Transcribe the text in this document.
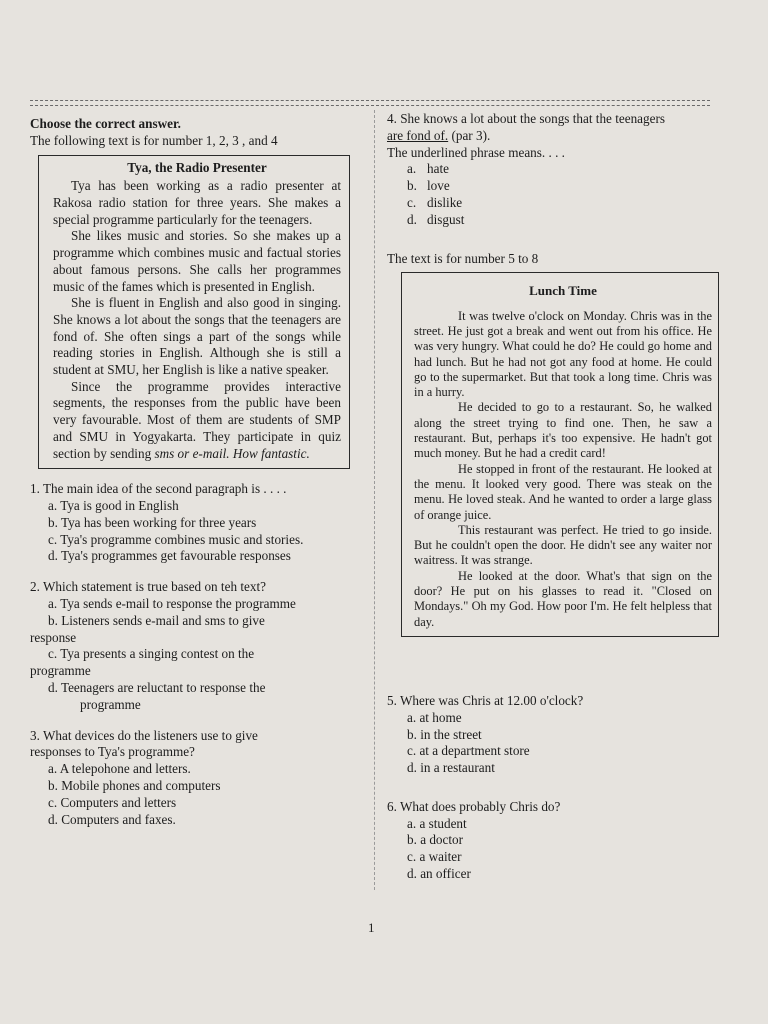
Choose the correct answer.
The following text is for number 1, 2, 3 , and 4
Tya, the Radio Presenter
Tya has been working as a radio presenter at Rakosa radio station for three years. She makes a special programme particularly for the teenagers.
She likes music and stories. So she makes up a programme which combines music and factual stories about famous persons. She calls her programmes music of the fames which is presented in English.
She is fluent in English and also good in singing. She knows a lot about the songs that the teenagers are fond of. She often sings a part of the songs while reading stories in English. Although she is still a student at SMU, her English is like a native speaker.
Since the programme provides interactive segments, the responses from the public have been very favourable. Most of them are students of SMP and SMU in Yogyakarta. They participate in quiz section by sending sms or e-mail. How fantastic.
1. The main idea of the second paragraph is . . . .
a. Tya is good in English
b. Tya has been working for three years
c. Tya's programme combines music and stories.
d. Tya's programmes get favourable responses
2. Which statement is true based on teh text?
a. Tya sends e-mail to response the programme
b. Listeners sends e-mail and sms to give
response
c. Tya presents a singing contest on the
programme
d. Teenagers are reluctant to response the
programme
3. What devices do the listeners use to give
responses to Tya's programme?
a. A telepohone and letters.
b. Mobile phones and computers
c. Computers and letters
d. Computers and faxes.
4. She knows a lot about the songs that the teenagers
are fond of. (par 3).
The underlined phrase means. . . .
a. hate
b. love
c. dislike
d. disgust
The text is for number 5 to 8
Lunch Time
It was twelve o'clock on Monday. Chris was in the street. He just got a break and went out from his office. He was very hungry. What could he do? He could go home and had lunch. But he had not got any food at home. He could go to the supermarket. But that took a long time. Chris was in a hurry.
He decided to go to a restaurant. So, he walked along the street trying to find one. Then, he saw a restaurant. But, perhaps it's too expensive. He hadn't got much money. But he had a credit card!
He stopped in front of the restaurant. He looked at the menu. It looked very good. There was steak on the menu. He loved steak. And he wanted to order a large glass of orange juice.
This restaurant was perfect. He tried to go inside. But he couldn't open the door. He didn't see any waiter nor waitress. It was strange.
He looked at the door. What's that sign on the door? He put on his glasses to read it. "Closed on Mondays." Oh my God. How poor I'm. He felt helpless that day.
5. Where was Chris at 12.00 o'clock?
a. at home
b. in the street
c. at a department store
d. in a restaurant
6. What does probably Chris do?
a. a student
b. a doctor
c. a waiter
d. an officer
1
